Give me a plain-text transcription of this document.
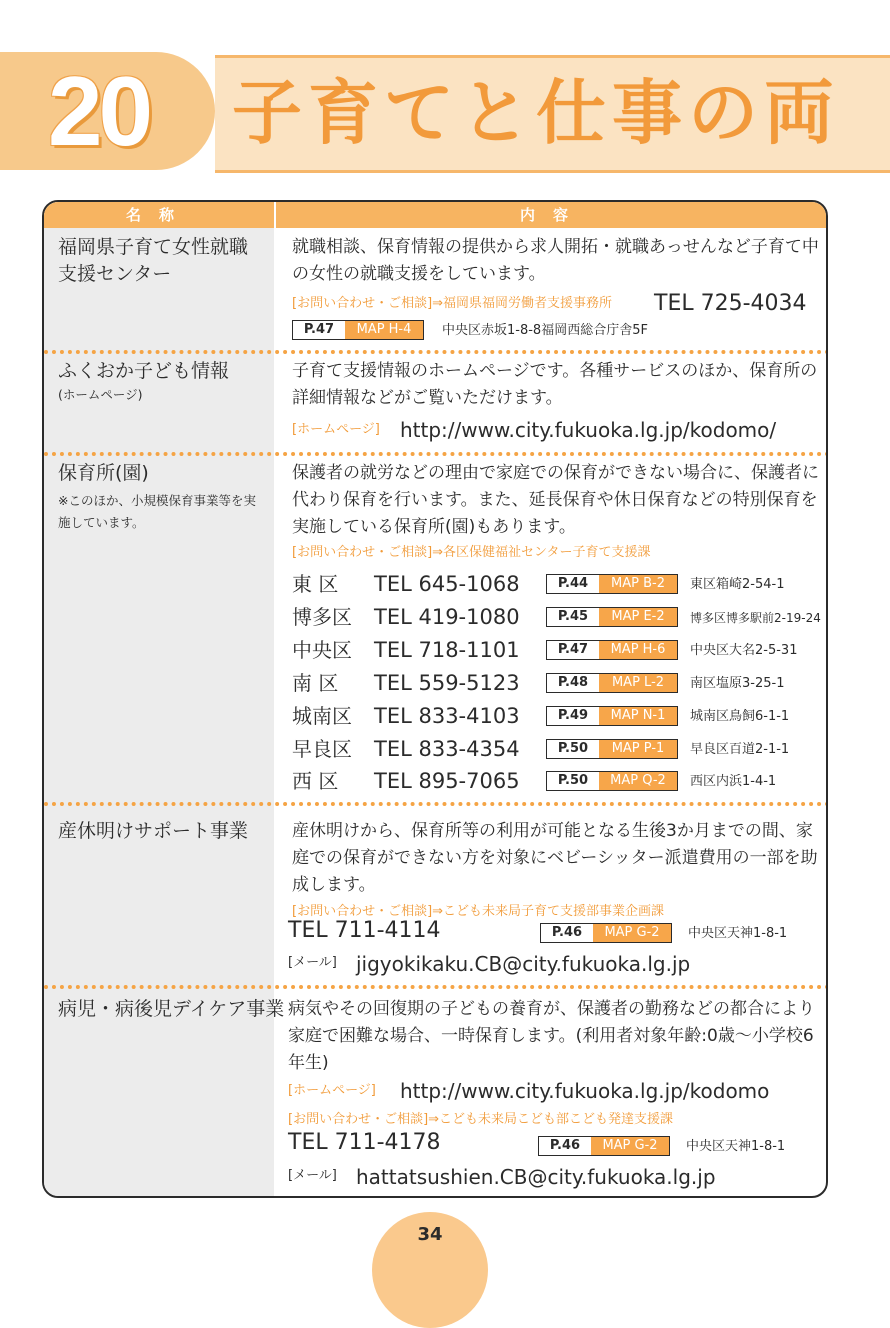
20 子育てと仕事の両
名称	内容
福岡県子育て女性就職支援センター
就職相談、保育情報の提供から求人開拓・就職あっせんなど子育て中の女性の就職支援をしています。
[お問い合わせ・ご相談]⇒福岡県福岡労働者支援事務所 TEL 725-4034
P.47	MAP H-4	中央区赤坂1-8-8福岡西総合庁舎5F
ふくおか子ども情報
(ホームページ)
子育て支援情報のホームページです。各種サービスのほか、保育所の詳細情報などがご覧いただけます。
[ホームページ] http://www.city.fukuoka.lg.jp/kodomo/
保育所(園)
※このほか、小規模保育事業等を実施しています。
保護者の就労などの理由で家庭での保育ができない場合に、保護者に代わり保育を行います。また、延長保育や休日保育などの特別保育を実施している保育所(園)もあります。
[お問い合わせ・ご相談]⇒各区保健福祉センター子育て支援課
東 区	TEL 645-1068	P.44	MAP B-2	東区箱崎2-54-1
博多区 TEL 419-1080	P.45	MAP E-2	博多区博多駅前2-19-24
中央区 TEL 718-1101	P.47	MAP H-6	中央区大名2-5-31
南 区	TEL 559-5123	P.48	MAP L-2	南区塩原3-25-1
城南区 TEL 833-4103	P.49	MAP N-1	城南区鳥飼6-1-1
早良区 TEL 833-4354	P.50	MAP P-1	早良区百道2-1-1
西 区	TEL 895-7065	P.50	MAP Q-2	西区内浜1-4-1
産休明けサポート事業	産休明けから、保育所等の利用が可能となる生後3か月までの間、家庭での保育ができない方を対象にベビーシッター派遣費用の一部を助成します。
[お問い合わせ・ご相談]⇒こども未来局子育て支援部事業企画課
TEL 711-4114	P.46	MAP G-2	中央区天神1-8-1
[メール] jigyokikaku.CB@city.fukuoka.lg.jp
病児・病後児デイケア事業 病気やその回復期の子どもの養育が、保護者の勤務などの都合により家庭で困難な場合、一時保育します。(利用者対象年齢:0歳〜小学校6年生)
[ホームページ] http://www.city.fukuoka.lg.jp/kodomo
[お問い合わせ・ご相談]⇒こども未来局こども部こども発達支援課
TEL 711-4178	P.46	MAP G-2	中央区天神1-8-1
[メール] hattatsushien.CB@city.fukuoka.lg.jp
34
